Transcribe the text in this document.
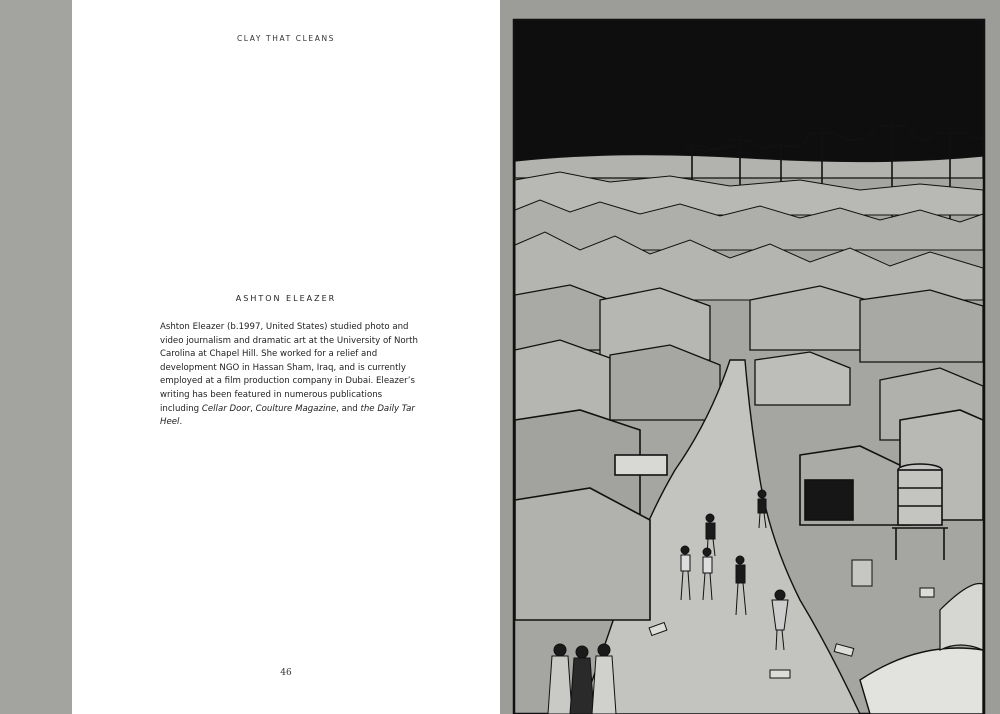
CLAY THAT CLEANS
ASHTON ELEAZER

Ashton Eleazer (b.1997, United States) studied photo and video journalism and dramatic art at the University of North Carolina at Chapel Hill. She worked for a relief and development NGO in Hassan Sham, Iraq, and is currently employed at a film production company in Dubai. Eleazer’s writing has been featured in numerous publications including Cellar Door, Coulture Magazine, and the Daily Tar Heel.

46
